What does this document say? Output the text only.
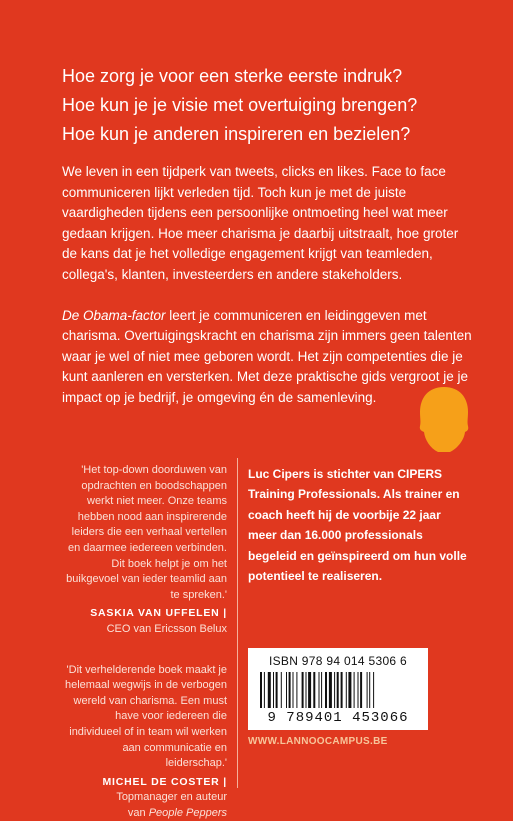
Hoe zorg je voor een sterke eerste indruk?

Hoe kun je je visie met overtuiging brengen?

Hoe kun je anderen inspireren en bezielen?

We leven in een tijdperk van tweets, clicks en likes. Face to face communiceren lijkt verleden tijd. Toch kun je met de juiste vaardigheden tijdens een persoonlijke ontmoeting heel wat meer gedaan krijgen. Hoe meer charisma je daarbij uitstraalt, hoe groter de kans dat je het volledige engagement krijgt van teamleden, collega's, klanten, investeerders en andere stakeholders.

De Obama-factor leert je communiceren en leidinggeven met charisma. Overtuigingskracht en charisma zijn immers geen talenten waar je wel of niet mee geboren wordt. Het zijn competenties die je kunt aanleren en versterken. Met deze praktische gids vergroot je je impact op je bedrijf, je omgeving én de samenleving.

'Het top-down doorduwen van opdrachten en boodschappen werkt niet meer. Onze teams hebben nood aan inspirerende leiders die een verhaal vertellen en daarmee iedereen verbinden. Dit boek helpt je om het buikgevoel van ieder teamlid aan te spreken.'
SASKIA VAN UFFELEN |
CEO van Ericsson Belux
'Dit verhelderende boek maakt je helemaal wegwijs in de verbogen wereld van charisma. Een must have voor iedereen die individueel of in team wil werken aan communicatie en leiderschap.'
MICHEL DE COSTER |
Topmanager en auteur
van People Peppers
Luc Cipers is stichter van CIPERS Training Professionals. Als trainer en coach heeft hij de voorbije 22 jaar meer dan 16.000 professionals begeleid en geïnspireerd om hun volle potentieel te realiseren.
ISBN 978 94 014 5306 6
9 789401 453066
WWW.LANNOOCAMPUS.BE
